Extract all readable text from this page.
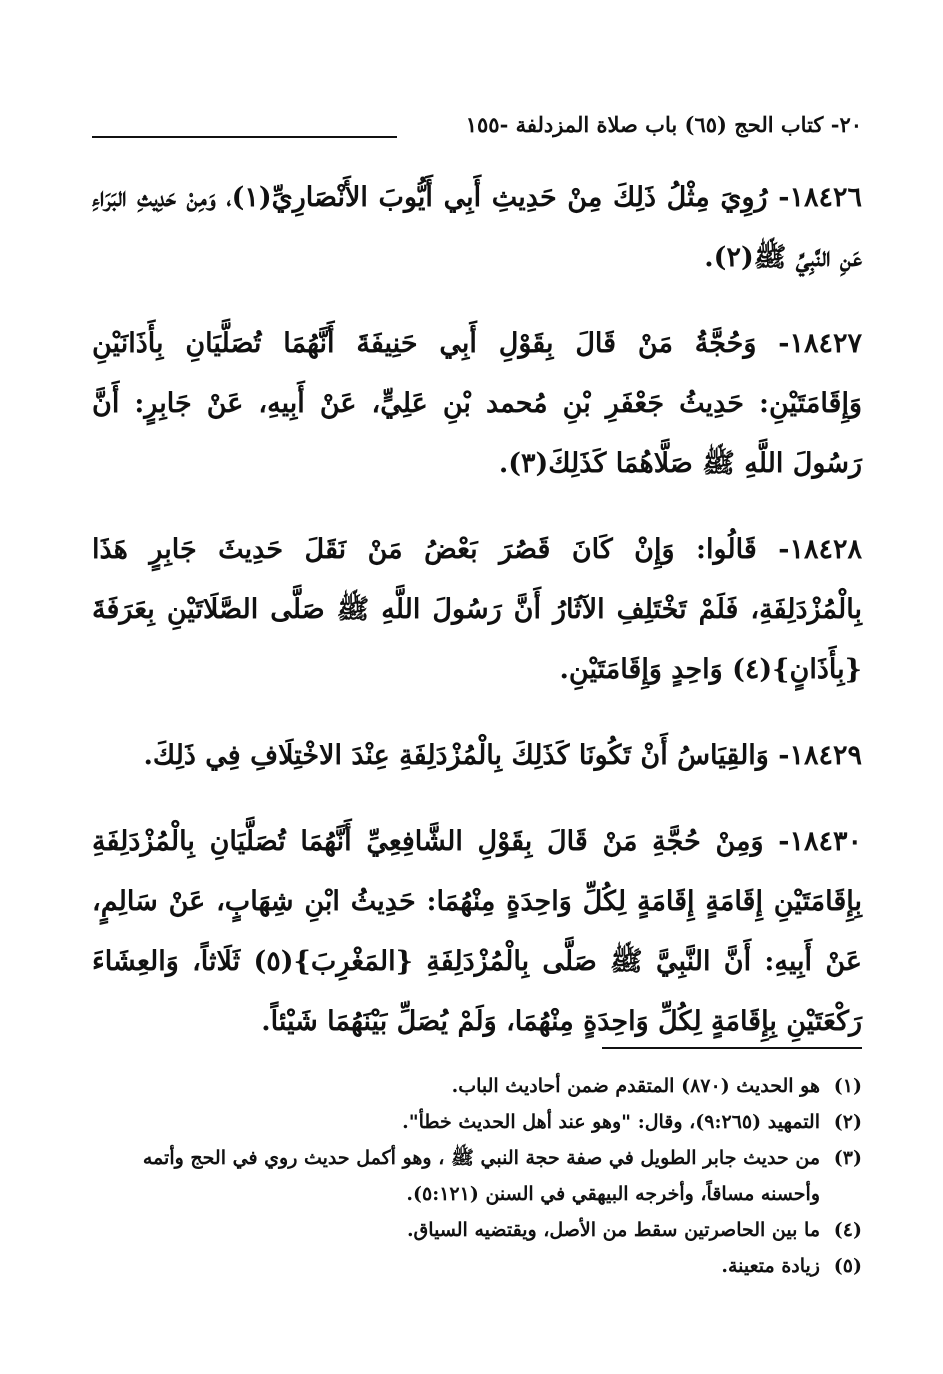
٢٠- كتاب الحج (٦٥) باب صلاة المزدلفة -١٥٥

١٨٤٢٦- رُوِيَ مِثْلُ ذَلِكَ مِنْ حَدِيثِ أَبِي أَيُّوبَ الأَنْصَارِيِّ(١)، وَمِنْ حَدِيثِ البَرَاءِ عَنِ النَّبِيِّ ﷺ(٢).

١٨٤٢٧- وَحُجَّةُ مَنْ قَالَ بِقَوْلِ أَبِي حَنِيفَةَ أَنَّهُمَا تُصَلَّيَانِ بِأَذَانَيْنِ وَإِقَامَتَيْنِ: حَدِيثُ جَعْفَرِ بْنِ مُحمد بْنِ عَلِيٍّ، عَنْ أَبِيهِ، عَنْ جَابِرٍ: أَنَّ رَسُولَ اللَّهِ ﷺ صَلَّاهُمَا كَذَلِكَ(٣).

١٨٤٢٨- قَالُوا: وَإِنْ كَانَ قَصُرَ بَعْضُ مَنْ نَقَلَ حَدِيثَ جَابِرٍ هَذَا بِالْمُزْدَلِفَةِ، فَلَمْ تَخْتَلِفِ الآثَارُ أَنَّ رَسُولَ اللَّهِ ﷺ صَلَّى الصَّلَاتَيْنِ بِعَرَفَةَ {بِأَذَانٍ}(٤) وَاحِدٍ وَإِقَامَتَيْنِ.

١٨٤٢٩- وَالقِيَاسُ أَنْ تَكُونَا كَذَلِكَ بِالْمُزْدَلِفَةِ عِنْدَ الاخْتِلَافِ فِي ذَلِكَ.

١٨٤٣٠- وَمِنْ حُجَّةِ مَنْ قَالَ بِقَوْلِ الشَّافِعِيِّ أَنَّهُمَا تُصَلَّيَانِ بِالْمُزْدَلِفَةِ بِإِقَامَتَيْنِ إِقَامَةٍ إِقَامَةٍ لِكُلِّ وَاحِدَةٍ مِنْهُمَا: حَدِيثُ ابْنِ شِهَابٍ، عَنْ سَالِمٍ، عَنْ أَبِيهِ: أَنَّ النَّبِيَّ ﷺ صَلَّى بِالْمُزْدَلِفَةِ {المَغْرِبَ}(٥) ثَلَاثاً، وَالعِشَاءَ رَكْعَتَيْنِ بِإِقَامَةٍ لِكُلِّ وَاحِدَةٍ مِنْهُمَا، وَلَمْ يُصَلِّ بَيْنَهُمَا شَيْئاً.

(١)
هو الحديث (٨٧٠) المتقدم ضمن أحاديث الباب.
(٢)
التمهيد (٩:٢٦٥)، وقال: "وهو عند أهل الحديث خطأ".
(٣)
من حديث جابر الطويل في صفة حجة النبي ﷺ ، وهو أكمل حديث روي في الحج وأتمه وأحسنه مساقاً، وأخرجه البيهقي في السنن (٥:١٢١).
(٤)
ما بين الحاصرتين سقط من الأصل، ويقتضيه السياق.
(٥)
زيادة متعينة.
